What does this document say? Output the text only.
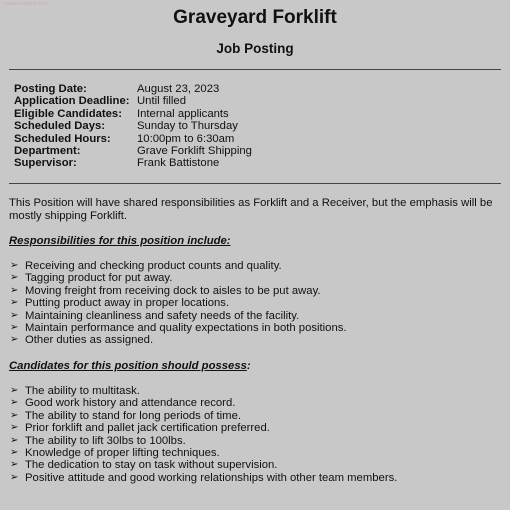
www.example.com
Graveyard Forklift
Job Posting
Posting Date:	August 23, 2023
Application Deadline: Until filled
Eligible Candidates:	Internal applicants
Scheduled Days:	Sunday to Thursday
Scheduled Hours:	10:00pm to 6:30am
Department:	Grave Forklift Shipping
Supervisor:	Frank Battistone
This Position will have shared responsibilities as Forklift and a Receiver, but the emphasis will be mostly shipping Forklift.
Responsibilities for this position include:
➢ Receiving and checking product counts and quality.
➢ Tagging product for put away.
➢ Moving freight from receiving dock to aisles to be put away.
➢ Putting product away in proper locations.
➢ Maintaining cleanliness and safety needs of the facility.
➢ Maintain performance and quality expectations in both positions.
➢ Other duties as assigned.
Candidates for this position should possess:
➢ The ability to multitask.
➢ Good work history and attendance record.
➢ The ability to stand for long periods of time.
➢ Prior forklift and pallet jack certification preferred.
➢ The ability to lift 30lbs to 100lbs.
➢ Knowledge of proper lifting techniques.
➢ The dedication to stay on task without supervision.
➢ Positive attitude and good working relationships with other team members.
